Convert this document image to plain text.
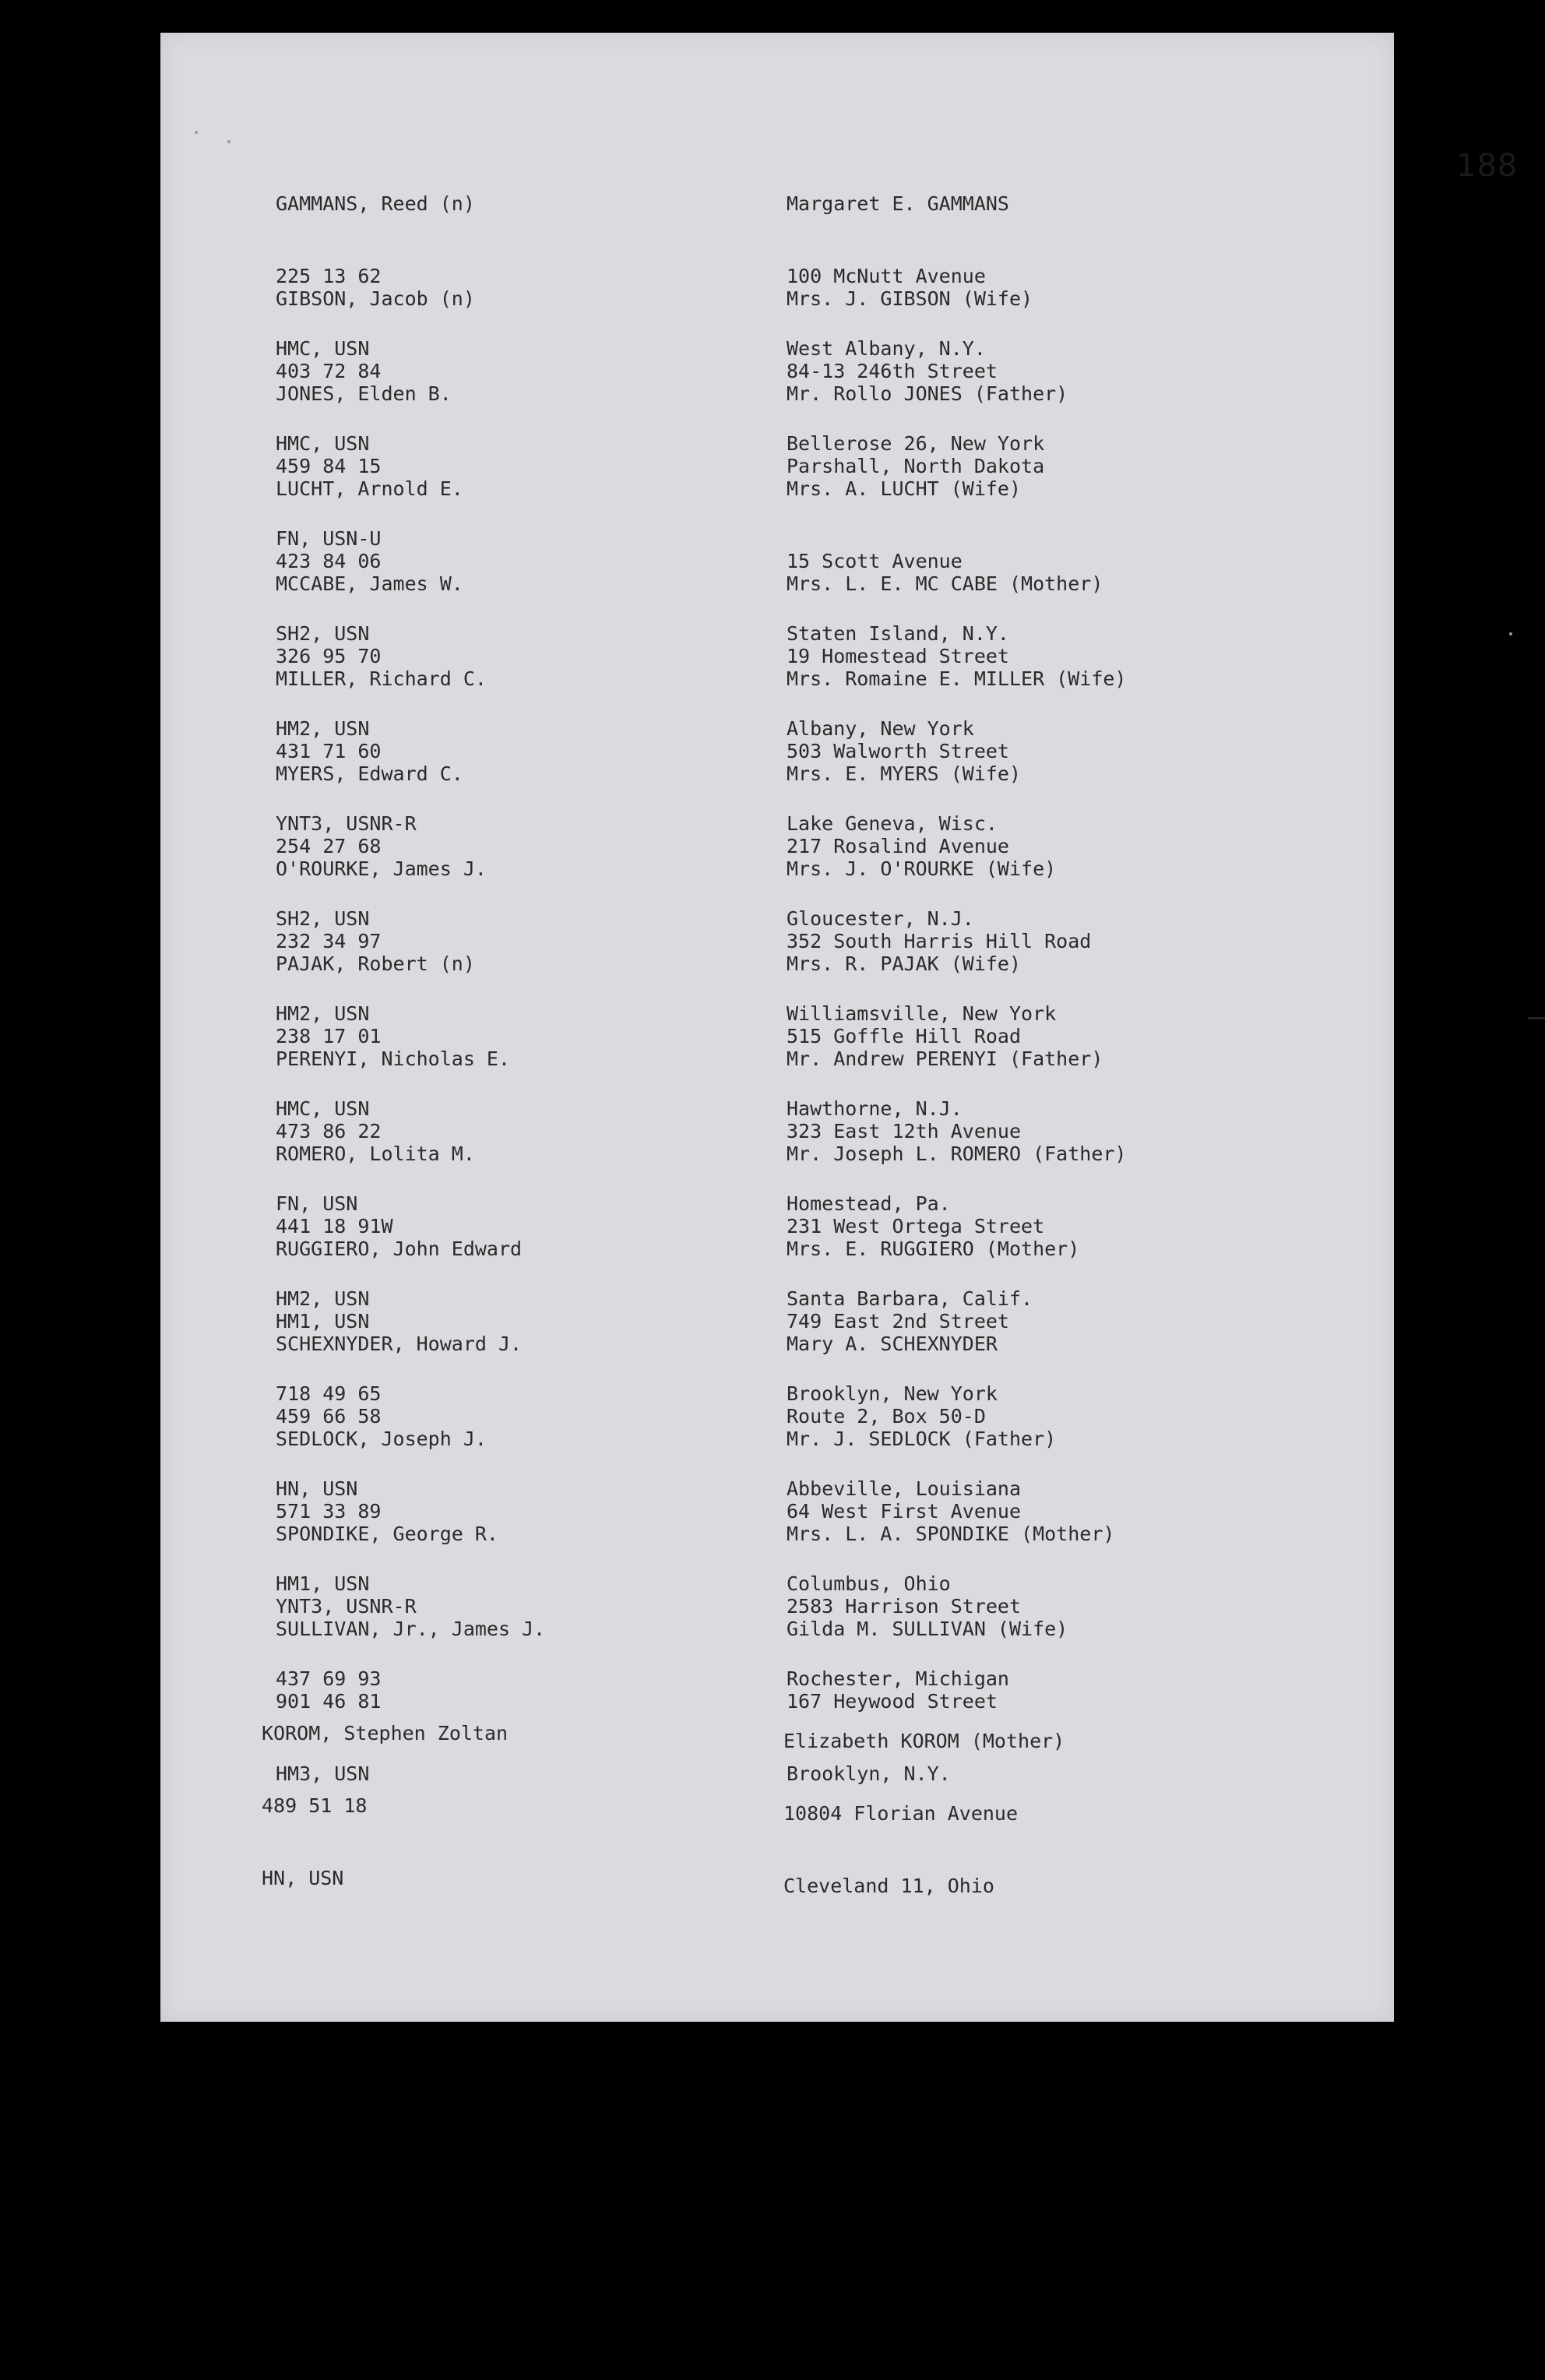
188

GAMMANS, Reed (n)

225 13 62

HMC, USN

Margaret E. GAMMANS

100 McNutt Avenue

West Albany, N.Y.

GIBSON, Jacob (n)

403 72 84

HMC, USN

Mrs. J. GIBSON (Wife)

84-13 246th Street

Bellerose 26, New York

JONES, Elden B.

459 84 15

FN, USN-U

Mr. Rollo JONES (Father)

Parshall, North Dakota

LUCHT, Arnold E.

423 84 06

SH2, USN

Mrs. A. LUCHT (Wife)

15 Scott Avenue

Staten Island, N.Y.

MCCABE, James W.

326 95 70

HM2, USN

Mrs. L. E. MC CABE (Mother)

19 Homestead Street

Albany, New York

MILLER, Richard C.

431 71 60

YNT3, USNR-R

Mrs. Romaine E. MILLER (Wife)

503 Walworth Street

Lake Geneva, Wisc.

MYERS, Edward C.

254 27 68

SH2, USN

Mrs. E. MYERS (Wife)

217 Rosalind Avenue

Gloucester, N.J.

O'ROURKE, James J.

232 34 97

HM2, USN

Mrs. J. O'ROURKE (Wife)

352 South Harris Hill Road

Williamsville, New York

PAJAK, Robert (n)

238 17 01

HMC, USN

Mrs. R. PAJAK (Wife)

515 Goffle Hill Road

Hawthorne, N.J.

PERENYI, Nicholas E.

473 86 22

FN, USN

Mr. Andrew PERENYI (Father)

323 East 12th Avenue

Homestead, Pa.

ROMERO, Lolita M.

441 18 91W

HM2, USN

Mr. Joseph L. ROMERO (Father)

231 West Ortega Street

Santa Barbara, Calif.

RUGGIERO, John Edward

HM1, USN

718 49 65

Mrs. E. RUGGIERO (Mother)

749 East 2nd Street

Brooklyn, New York

SCHEXNYDER, Howard J.

459 66 58

HN, USN

Mary A. SCHEXNYDER

Route 2, Box 50-D

Abbeville, Louisiana

SEDLOCK, Joseph J.

571 33 89

HM1, USN

Mr. J. SEDLOCK (Father)

64 West First Avenue

Columbus, Ohio

SPONDIKE, George R.

YNT3, USNR-R

437 69 93

Mrs. L. A. SPONDIKE (Mother)

2583 Harrison Street

Rochester, Michigan

SULLIVAN, Jr., James J.

901 46 81

HM3, USN

Gilda M. SULLIVAN (Wife)

167 Heywood Street

Brooklyn, N.Y.

KOROM, Stephen Zoltan

489 51 18

HN, USN

Elizabeth KOROM (Mother)

10804 Florian Avenue

Cleveland 11, Ohio
